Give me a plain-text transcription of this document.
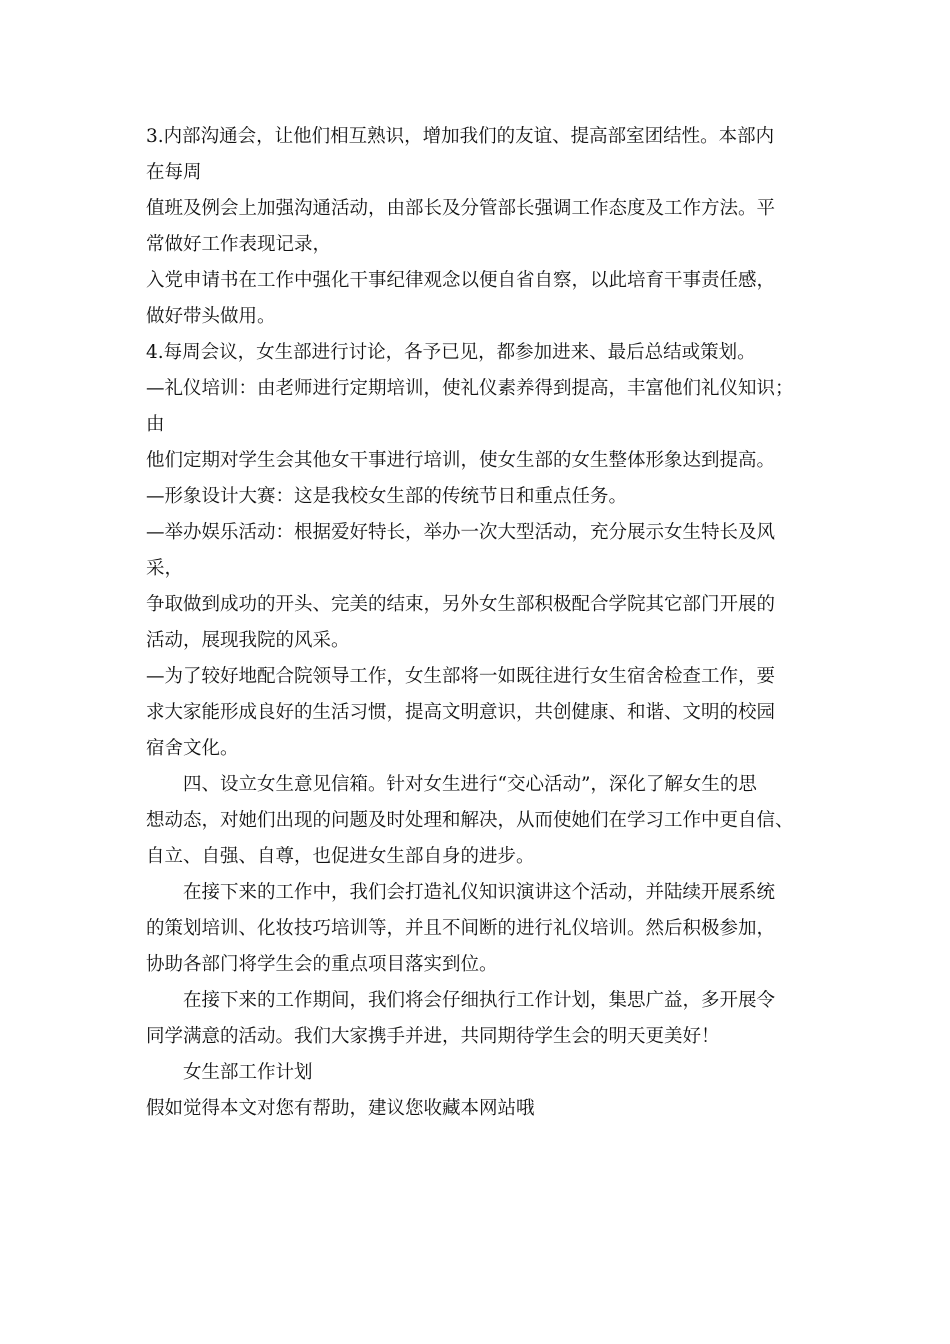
3.内部沟通会，让他们相互熟识，增加我们的友谊、提高部室团结性。本部内

在每周

值班及例会上加强沟通活动，由部长及分管部长强调工作态度及工作方法。平

常做好工作表现记录，

入党申请书在工作中强化干事纪律观念以便自省自察，以此培育干事责任感，

做好带头做用。

4.每周会议，女生部进行讨论，各予已见，都参加进来、最后总结或策划。

—礼仪培训：由老师进行定期培训，使礼仪素养得到提高，丰富他们礼仪知识；

由

他们定期对学生会其他女干事进行培训，使女生部的女生整体形象达到提高。

—形象设计大赛：这是我校女生部的传统节日和重点任务。

—举办娱乐活动：根据爱好特长，举办一次大型活动，充分展示女生特长及风

采，

争取做到成功的开头、完美的结束，另外女生部积极配合学院其它部门开展的

活动，展现我院的风采。

—为了较好地配合院领导工作，女生部将一如既往进行女生宿舍检查工作，要

求大家能形成良好的生活习惯，提高文明意识，共创健康、和谐、文明的校园

宿舍文化。

四、设立女生意见信箱。针对女生进行“交心活动”，深化了解女生的思

想动态，对她们出现的问题及时处理和解决，从而使她们在学习工作中更自信、

自立、自强、自尊，也促进女生部自身的进步。

在接下来的工作中，我们会打造礼仪知识演讲这个活动，并陆续开展系统

的策划培训、化妆技巧培训等，并且不间断的进行礼仪培训。然后积极参加，

协助各部门将学生会的重点项目落实到位。

在接下来的工作期间，我们将会仔细执行工作计划，集思广益，多开展令

同学满意的活动。我们大家携手并进，共同期待学生会的明天更美好！

女生部工作计划

假如觉得本文对您有帮助，建议您收藏本网站哦
